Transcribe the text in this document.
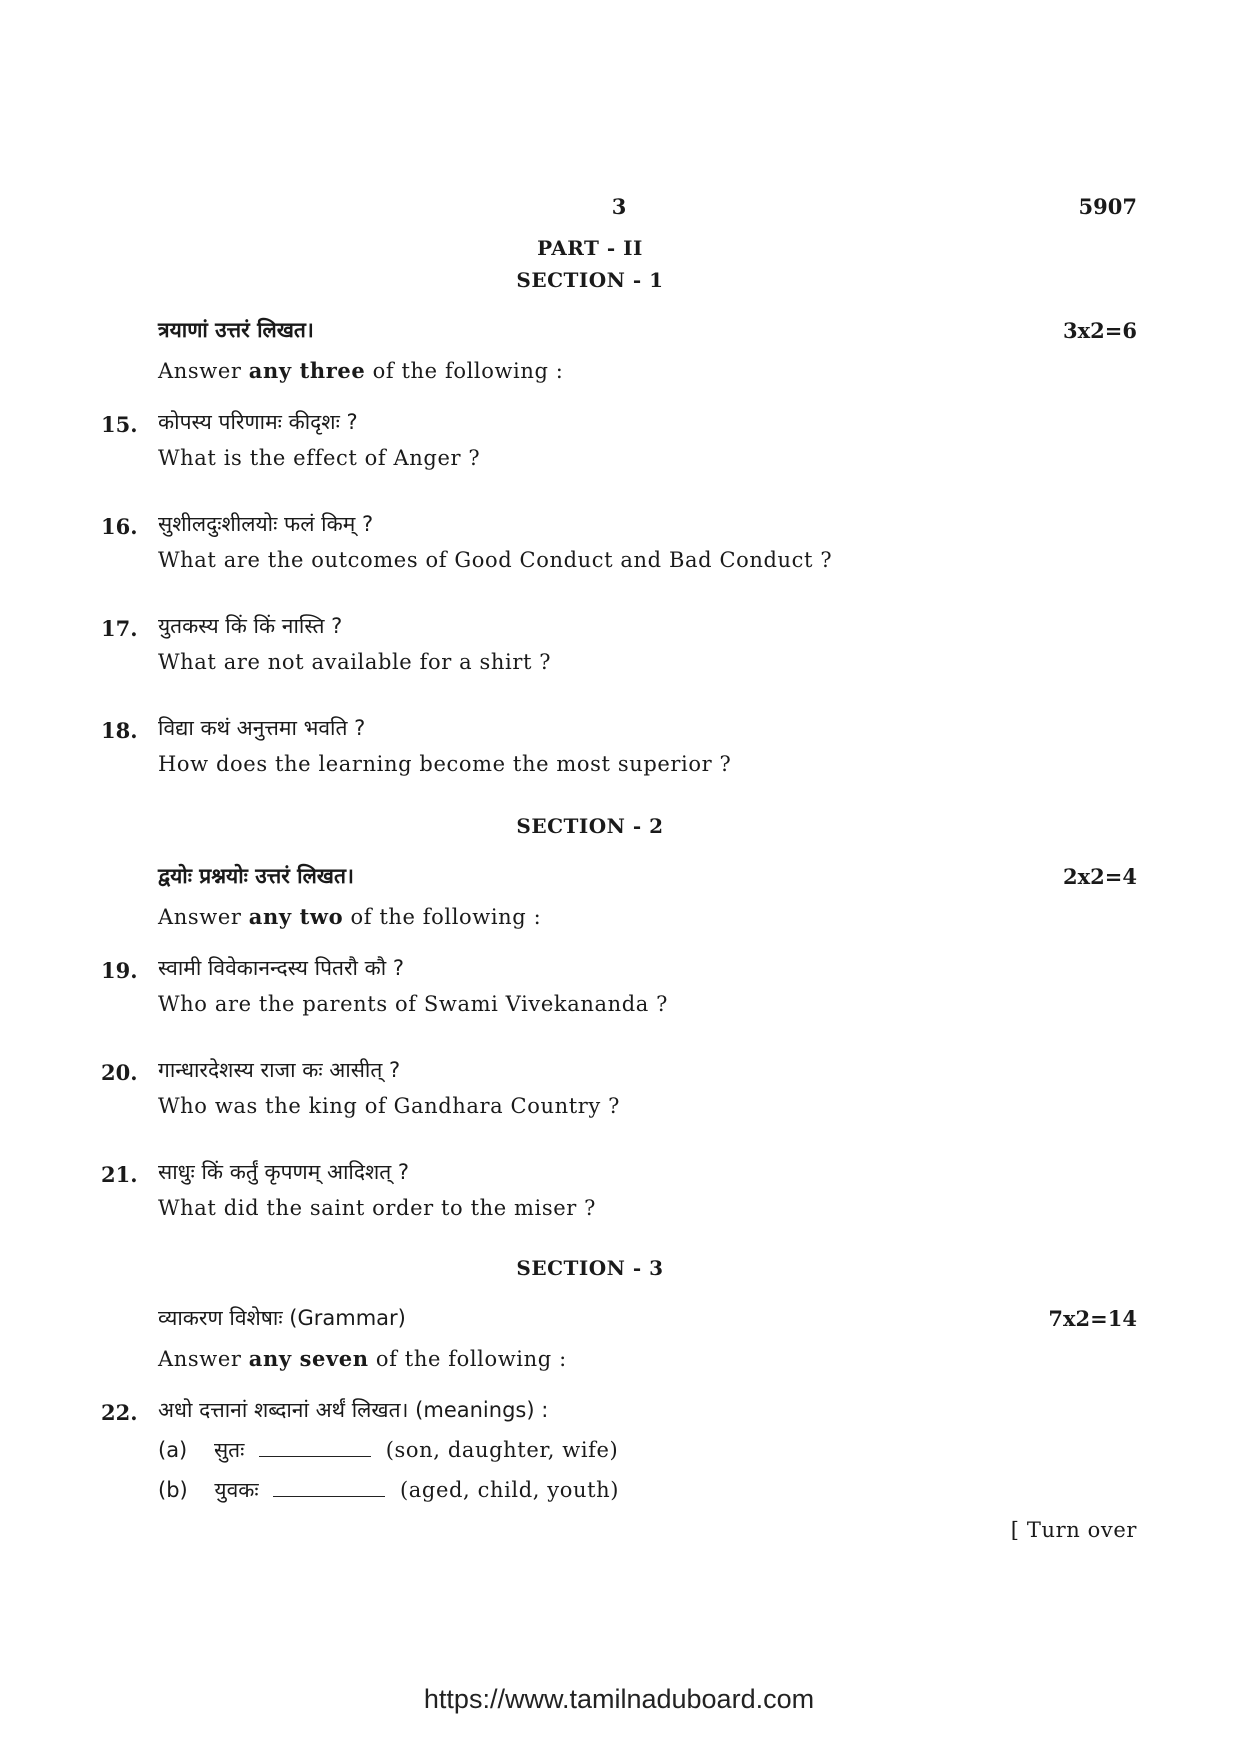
3	5907
PART - II
SECTION - 1
त्रयाणां उत्तरं लिखत।	3x2=6
Answer any three of the following :
15. कोपस्य परिणामः कीदृशः ?
What is the effect of Anger ?
16. सुशीलदुःशीलयोः फलं किम् ?
What are the outcomes of Good Conduct and Bad Conduct ?
17. युतकस्य किं किं नास्ति ?
What are not available for a shirt ?
18. विद्या कथं अनुत्तमा भवति ?
How does the learning become the most superior ?
SECTION - 2
द्वयोः प्रश्नयोः उत्तरं लिखत।	2x2=4
Answer any two of the following :
19. स्वामी विवेकानन्दस्य पितरौ कौ ?
Who are the parents of Swami Vivekananda ?
20. गान्धारदेशस्य राजा कः आसीत् ?
Who was the king of Gandhara Country ?
21. साधुः किं कर्तुं कृपणम् आदिशत् ?
What did the saint order to the miser ?
SECTION - 3
व्याकरण विशेषाः (Grammar)	7x2=14
Answer any seven of the following :
22. अधो दत्तानां शब्दानां अर्थं लिखत। (meanings) :
(a) सुतः	(son, daughter, wife)
(b) युवकः	(aged, child, youth)
[ Turn over
https://www.tamilnaduboard.com
